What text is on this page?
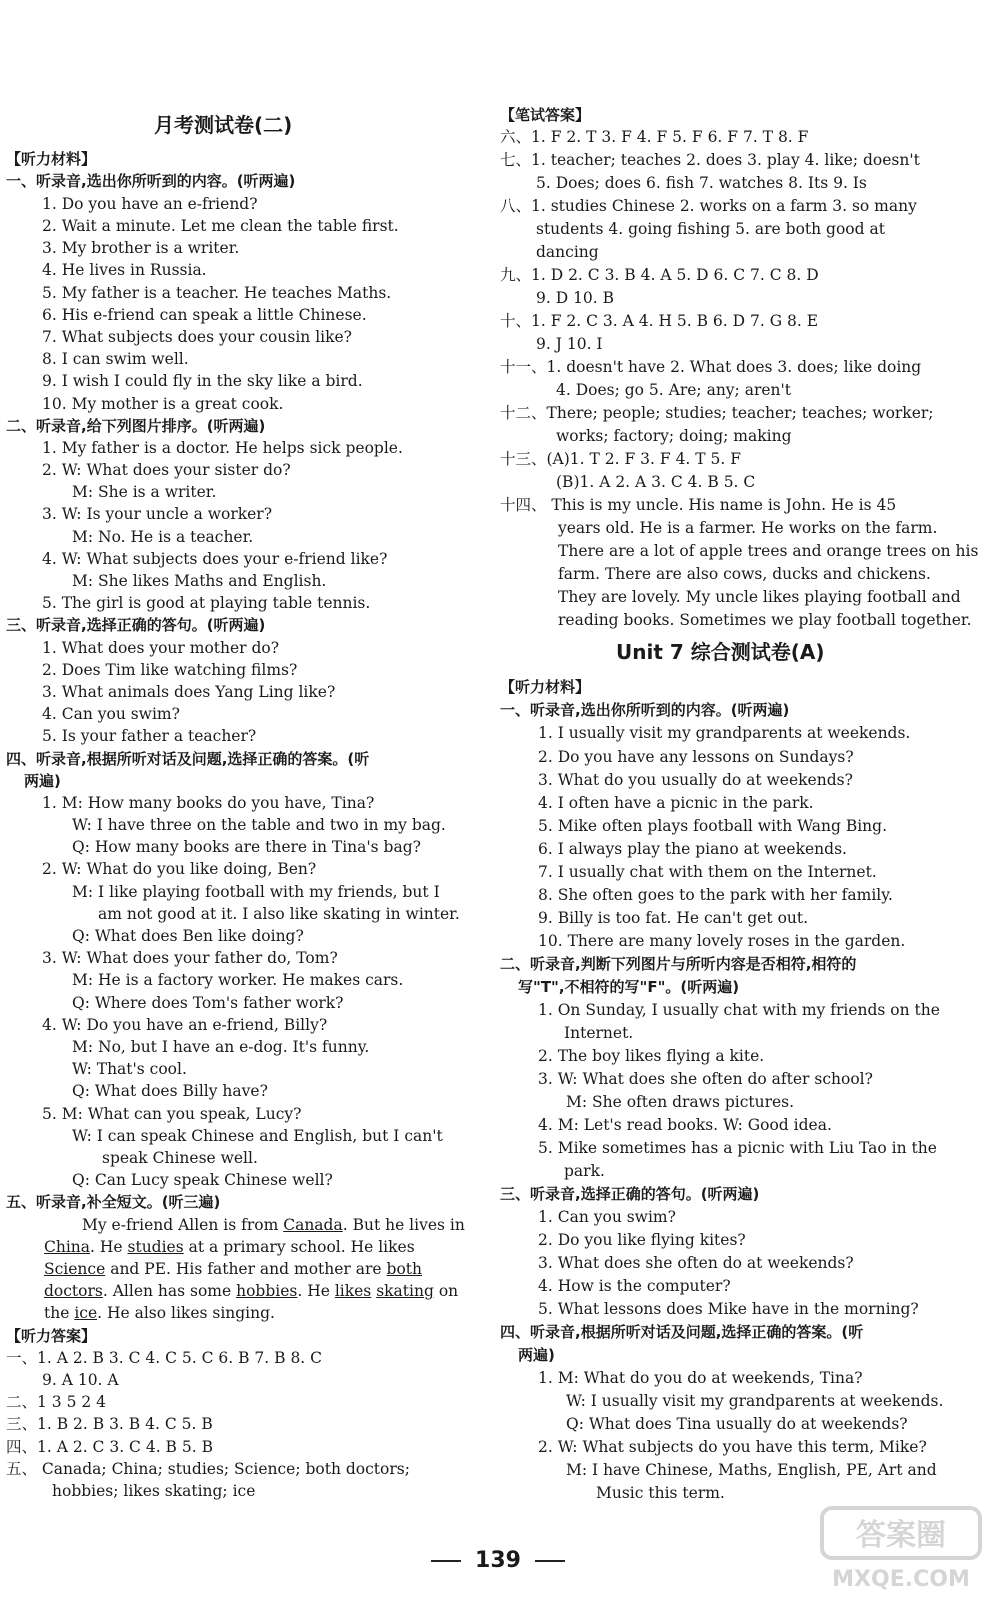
月考测试卷(二)
【听力材料】
一、听录音,选出你所听到的内容。(听两遍)
1. Do you have an e-friend?
2. Wait a minute. Let me clean the table first.
3. My brother is a writer.
4. He lives in Russia.
5. My father is a teacher. He teaches Maths.
6. His e-friend can speak a little Chinese.
7. What subjects does your cousin like?
8. I can swim well.
9. I wish I could fly in the sky like a bird.
10. My mother is a great cook.
二、听录音,给下列图片排序。(听两遍)
1. My father is a doctor. He helps sick people.
2. W: What does your sister do?
M: She is a writer.
3. W: Is your uncle a worker?
M: No. He is a teacher.
4. W: What subjects does your e-friend like?
M: She likes Maths and English.
5. The girl is good at playing table tennis.
三、听录音,选择正确的答句。(听两遍)
1. What does your mother do?
2. Does Tim like watching films?
3. What animals does Yang Ling like?
4. Can you swim?
5. Is your father a teacher?
四、听录音,根据所听对话及问题,选择正确的答案。(听
两遍)
1. M: How many books do you have, Tina?
W: I have three on the table and two in my bag.
Q: How many books are there in Tina's bag?
2. W: What do you like doing, Ben?
M: I like playing football with my friends, but I
am not good at it. I also like skating in winter.
Q: What does Ben like doing?
3. W: What does your father do, Tom?
M: He is a factory worker. He makes cars.
Q: Where does Tom's father work?
4. W: Do you have an e-friend, Billy?
M: No, but I have an e-dog. It's funny.
W: That's cool.
Q: What does Billy have?
5. M: What can you speak, Lucy?
W: I can speak Chinese and English, but I can't
speak Chinese well.
Q: Can Lucy speak Chinese well?
五、听录音,补全短文。(听三遍)
My e-friend Allen is from Canada. But he lives in
China. He studies at a primary school. He likes
Science and PE. His father and mother are both
doctors. Allen has some hobbies. He likes skating on
the ice. He also likes singing.
【听力答案】
一、1. A 2. B 3. C 4. C 5. C 6. B 7. B 8. C
9. A 10. A
二、1 3 5 2 4
三、1. B 2. B 3. B 4. C 5. B
四、1. A 2. C 3. C 4. B 5. B
五、 Canada; China; studies; Science; both doctors;
hobbies; likes skating; ice
【笔试答案】
六、1. F 2. T 3. F 4. F 5. F 6. F 7. T 8. F
七、1. teacher; teaches 2. does 3. play 4. like; doesn't
5. Does; does 6. fish 7. watches 8. Its 9. Is
八、1. studies Chinese 2. works on a farm 3. so many
students 4. going fishing 5. are both good at
dancing
九、1. D 2. C 3. B 4. A 5. D 6. C 7. C 8. D
9. D 10. B
十、1. F 2. C 3. A 4. H 5. B 6. D 7. G 8. E
9. J 10. I
十一、1. doesn't have 2. What does 3. does; like doing
4. Does; go 5. Are; any; aren't
十二、There; people; studies; teacher; teaches; worker;
works; factory; doing; making
十三、(A)1. T 2. F 3. F 4. T 5. F
(B)1. A 2. A 3. C 4. B 5. C
十四、 This is my uncle. His name is John. He is 45
years old. He is a farmer. He works on the farm.
There are a lot of apple trees and orange trees on his
farm. There are also cows, ducks and chickens.
They are lovely. My uncle likes playing football and
reading books. Sometimes we play football together.
Unit 7 综合测试卷(A)
【听力材料】
一、听录音,选出你所听到的内容。(听两遍)
1. I usually visit my grandparents at weekends.
2. Do you have any lessons on Sundays?
3. What do you usually do at weekends?
4. I often have a picnic in the park.
5. Mike often plays football with Wang Bing.
6. I always play the piano at weekends.
7. I usually chat with them on the Internet.
8. She often goes to the park with her family.
9. Billy is too fat. He can't get out.
10. There are many lovely roses in the garden.
二、听录音,判断下列图片与所听内容是否相符,相符的
写"T",不相符的写"F"。(听两遍)
1. On Sunday, I usually chat with my friends on the
Internet.
2. The boy likes flying a kite.
3. W: What does she often do after school?
M: She often draws pictures.
4. M: Let's read books. W: Good idea.
5. Mike sometimes has a picnic with Liu Tao in the
park.
三、听录音,选择正确的答句。(听两遍)
1. Can you swim?
2. Do you like flying kites?
3. What does she often do at weekends?
4. How is the computer?
5. What lessons does Mike have in the morning?
四、听录音,根据所听对话及问题,选择正确的答案。(听
两遍)
1. M: What do you do at weekends, Tina?
W: I usually visit my grandparents at weekends.
Q: What does Tina usually do at weekends?
2. W: What subjects do you have this term, Mike?
M: I have Chinese, Maths, English, PE, Art and
Music this term.
139
答案圈
MXQE.COM
